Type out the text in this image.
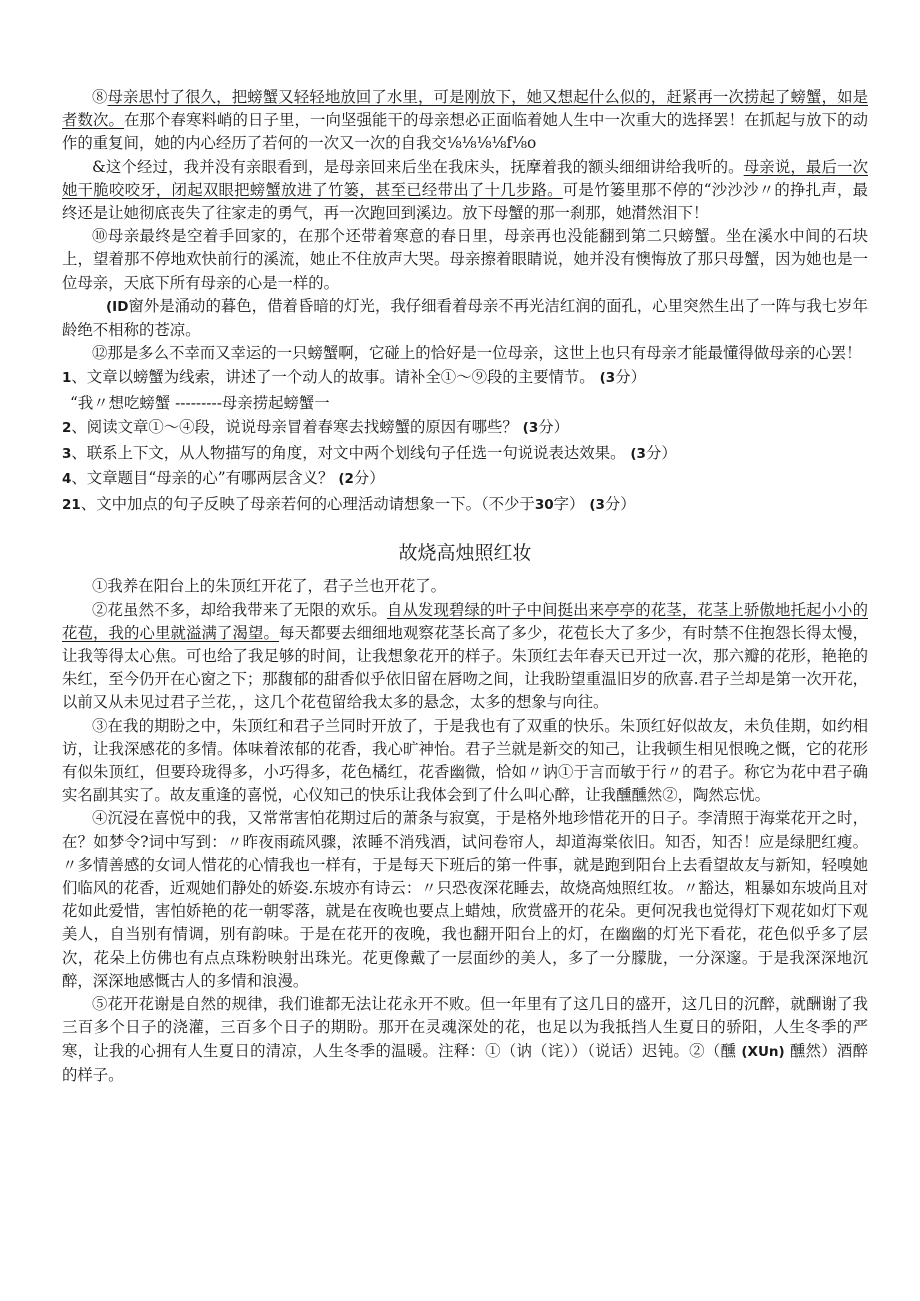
⑧母亲思忖了很久，把螃蟹又轻轻地放回了水里，可是刚放下，她又想起什么似的，赶紧再一次捞起了螃蟹，如是者数次。在那个春寒料峭的日子里，一向坚强能干的母亲想必正面临着她人生中一次重大的选择罢！在抓起与放下的动作的重复间，她的内心经历了若何的一次又一次的自我交⅛⅛⅛⅛f⅛o

&这个经过，我并没有亲眼看到，是母亲回来后坐在我床头，抚摩着我的额头细细讲给我听的。母亲说，最后一次她干脆咬咬牙，闭起双眼把螃蟹放进了竹篓，甚至已经带出了十几步路。可是竹篓里那不停的“沙沙沙〃的挣扎声，最终还是让她彻底丧失了往家走的勇气，再一次跑回到溪边。放下母蟹的那一刹那，她潸然泪下！

⑩母亲最终是空着手回家的，在那个还带着寒意的春日里，母亲再也没能翻到第二只螃蟹。坐在溪水中间的石块上，望着那不停地欢快前行的溪流，她止不住放声大哭。母亲擦着眼睛说，她并没有懊悔放了那只母蟹，因为她也是一位母亲，天底下所有母亲的心是一样的。

(ID窗外是涌动的暮色，借着昏暗的灯光，我仔细看着母亲不再光洁红润的面孔，心里突然生出了一阵与我七岁年龄绝不相称的苍凉。

⑫那是多么不幸而又幸运的一只螃蟹啊，它碰上的恰好是一位母亲，这世上也只有母亲才能最懂得做母亲的心罢！

1、文章以螃蟹为线索，讲述了一个动人的故事。请补全①～⑨段的主要情节。 (3分）

“我〃想吃螃蟹 ---------母亲捞起螃蟹一

2、阅读文章①～④段，说说母亲冒着春寒去找螃蟹的原因有哪些？ (3分）

3、联系上下文，从人物描写的角度，对文中两个划线句子任选一句说说表达效果。 (3分）

4、文章题目“母亲的心”有哪两层含义？ (2分）

21、文中加点的句子反映了母亲若何的心理活动请想象一下。（不少于30字） (3分）

故烧高烛照红妆

①我养在阳台上的朱顶红开花了，君子兰也开花了。

②花虽然不多，却给我带来了无限的欢乐。自从发现碧绿的叶子中间挺出来亭亭的花茎，花茎上骄傲地托起小小的花苞，我的心里就溢满了渴望。每天都要去细细地观察花茎长高了多少，花苞长大了多少，有时禁不住抱怨长得太慢，让我等得太心焦。可也给了我足够的时间，让我想象花开的样子。朱顶红去年春天已开过一次，那六瓣的花形，艳艳的朱红，至今仍开在心窗之下；那馥郁的甜香似乎依旧留在唇吻之间，让我盼望重温旧岁的欣喜.君子兰却是第一次开花，以前又从未见过君子兰花，，这几个花苞留给我太多的悬念，太多的想象与向往。

③在我的期盼之中，朱顶红和君子兰同时开放了，于是我也有了双重的快乐。朱顶红好似故友，未负佳期，如约相访，让我深感花的多情。体味着浓郁的花香，我心旷神怡。君子兰就是新交的知己，让我顿生相见恨晚之慨，它的花形有似朱顶红，但要玲珑得多，小巧得多，花色橘红，花香幽微，恰如〃讷①于言而敏于行〃的君子。称它为花中君子确实名副其实了。故友重逢的喜悦，心仪知己的快乐让我体会到了什么叫心醉，让我醺醺然②，陶然忘忧。

④沉浸在喜悦中的我，又常常害怕花期过后的萧条与寂寞，于是格外地珍惜花开的日子。李清照于海棠花开之时，在？如梦令?词中写到：〃昨夜雨疏风骤，浓睡不消残酒，试问卷帘人，却道海棠依旧。知否，知否！应是绿肥红瘦。〃多情善感的女词人惜花的心情我也一样有，于是每天下班后的第一件事，就是跑到阳台上去看望故友与新知，轻嗅她们临风的花香，近观她们静处的娇姿.东坡亦有诗云：〃只恐夜深花睡去，故烧高烛照红妆。〃豁达，粗暴如东坡尚且对花如此爱惜，害怕娇艳的花一朝零落，就是在夜晚也要点上蜡烛，欣赏盛开的花朵。更何况我也觉得灯下观花如灯下观美人，自当别有情调，别有韵味。于是在花开的夜晚，我也翻开阳台上的灯，在幽幽的灯光下看花，花色似乎多了层次，花朵上仿佛也有点点珠粉映射出珠光。花更像戴了一层面纱的美人，多了一分朦胧，一分深邃。于是我深深地沉醉，深深地感慨古人的多情和浪漫。

⑤花开花谢是自然的规律，我们谁都无法让花永开不败。但一年里有了这几日的盛开，这几日的沉醉，就酬谢了我三百多个日子的浇灌，三百多个日子的期盼。那开在灵魂深处的花，也足以为我抵挡人生夏日的骄阳，人生冬季的严寒，让我的心拥有人生夏日的清凉，人生冬季的温暖。注释：①（讷（诧））（说话）迟钝。②（醺 (XUn) 醺然）酒醉的样子。
